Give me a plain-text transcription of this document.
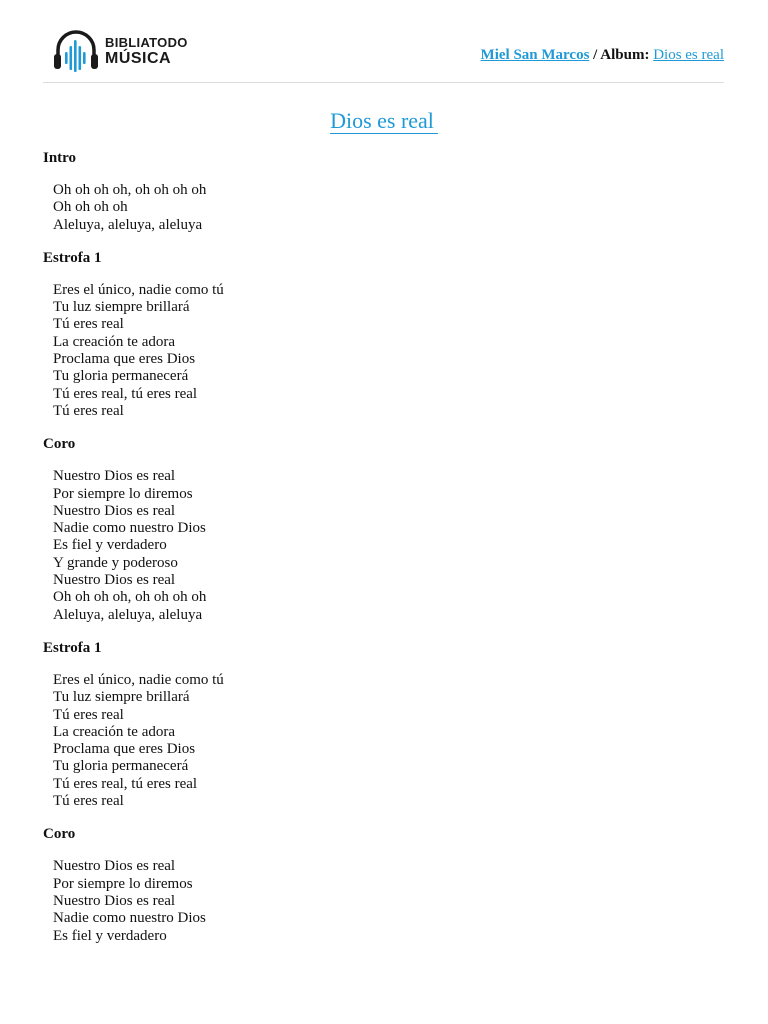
BIBLIATODO
MÚSICA	Miel San Marcos / Album: Dios es real
Dios es real
Intro
Oh oh oh oh, oh oh oh oh
Oh oh oh oh
Aleluya, aleluya, aleluya
Estrofa 1
Eres el único, nadie como tú
Tu luz siempre brillará
Tú eres real
La creación te adora
Proclama que eres Dios
Tu gloria permanecerá
Tú eres real, tú eres real
Tú eres real
Coro
Nuestro Dios es real
Por siempre lo diremos
Nuestro Dios es real
Nadie como nuestro Dios
Es fiel y verdadero
Y grande y poderoso
Nuestro Dios es real
Oh oh oh oh, oh oh oh oh
Aleluya, aleluya, aleluya
Estrofa 1
Eres el único, nadie como tú
Tu luz siempre brillará
Tú eres real
La creación te adora
Proclama que eres Dios
Tu gloria permanecerá
Tú eres real, tú eres real
Tú eres real
Coro
Nuestro Dios es real
Por siempre lo diremos
Nuestro Dios es real
Nadie como nuestro Dios
Es fiel y verdadero
